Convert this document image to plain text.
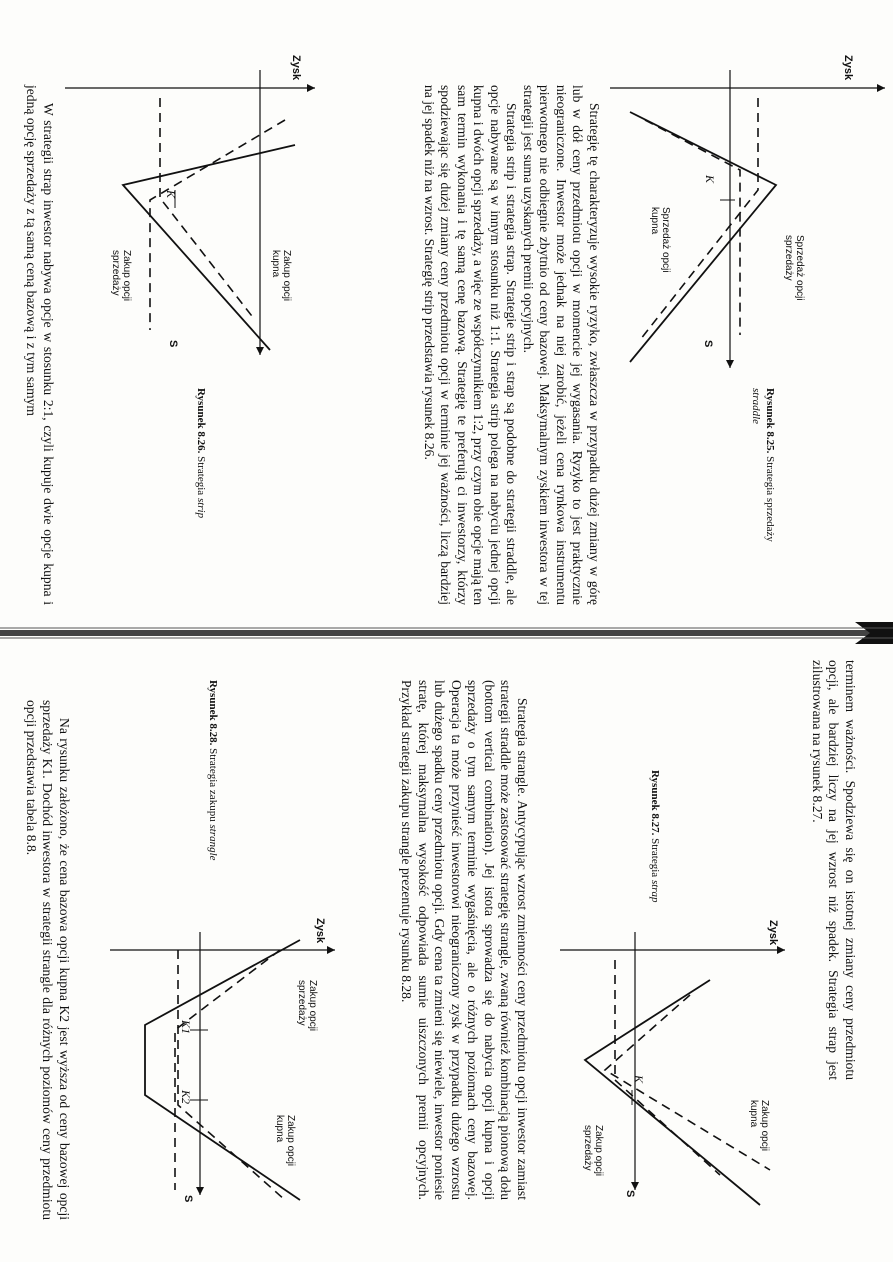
Zysk
S
K
Sprzedaż opcji sprzedaży
Sprzedaż opcji kupna
Rysunek 8.25. Strategia sprzedaży
straddle

Strategię tę charakteryzuje wysokie ryzyko, zwłaszcza w przypadku dużej zmiany w górę lub w dół ceny przedmiotu opcji w momencie jej wygasania. Ryzyko to jest praktycznie nieograniczone. Inwestor może jednak na niej zarobić, jeżeli cena rynkowa instrumentu pierwotnego nie odbiegnie zbytnio od ceny bazowej. Maksymalnym zyskiem inwestora w tej strategii jest suma uzyskanych premii opcyjnych.

Strategia strip i strategia strap. Strategie strip i strap są podobne do strategii straddle, ale opcje nabywane są w innym stosunku niż 1:1. Strategia strip polega na nabyciu jednej opcji kupna i dwóch opcji sprzedaży, a więc ze współczynnikiem 1:2, przy czym obie opcje mają ten sam termin wykonania i tę samą cenę bazową. Strategię te preferują ci inwestorzy, którzy spodziewając się dużej zmiany ceny przedmiotu opcji w terminie jej ważności, liczą bardziej na jej spadek niż na wzrost. Strategię strip przedstawia rysunek 8.26.

Zysk
S
K
Zakup opcji kupna
Zakup opcji sprzedaży
Rysunek 8.26. Strategia strip

W strategii strap inwestor nabywa opcje w stosunku 2:1, czyli kupuje dwie opcje kupna i jedną opcję sprzedaży z tą samą ceną bazową i z tym samym

terminem ważności. Spodziewa się on istotnej zmiany ceny przedmiotu opcji, ale bardziej liczy na jej wzrost niż spadek. Strategia strap jest zilustrowana na rysunek 8.27.

Zysk
S
K
Zakup opcji kupna
Zakup opcji sprzedaży
Rysunek 8.27. Strategia strap

Strategia strangle. Antycypując wzrost zmienności ceny przedmiotu opcji inwestor zamiast strategii straddle może zastosować strategię strangle, zwaną również kombinacją pionową dołu (bottom vertical combination). Jej istota sprowadza się do nabycia opcji kupna i opcji sprzedaży o tym samym terminie wygaśnięcia, ale o różnych poziomach ceny bazowej. Operacja ta może przynieść inwestorowi nieograniczony zysk w przypadku dużego wzrostu lub dużego spadku ceny przedmiotu opcji. Gdy cena ta zmieni się niewiele, inwestor poniesie stratę, której maksymalna wysokość odpowiada sumie uiszczonych premii opcyjnych. Przykład strategii zakupu strangle prezentuje rysunku 8.28.

Zysk
S
K1
K2
Zakup opcji sprzedaży
Zakup opcji kupna
Rysunek 8.28. Strategia zakupu strangle

Na rysunku założono, że cena bazowa opcji kupna K2 jest wyższa od ceny bazowej opcji sprzedaży K1. Dochód inwestora w strategii strangle dla różnych poziomów ceny przedmiotu opcji przedstawia tabela 8.8.
